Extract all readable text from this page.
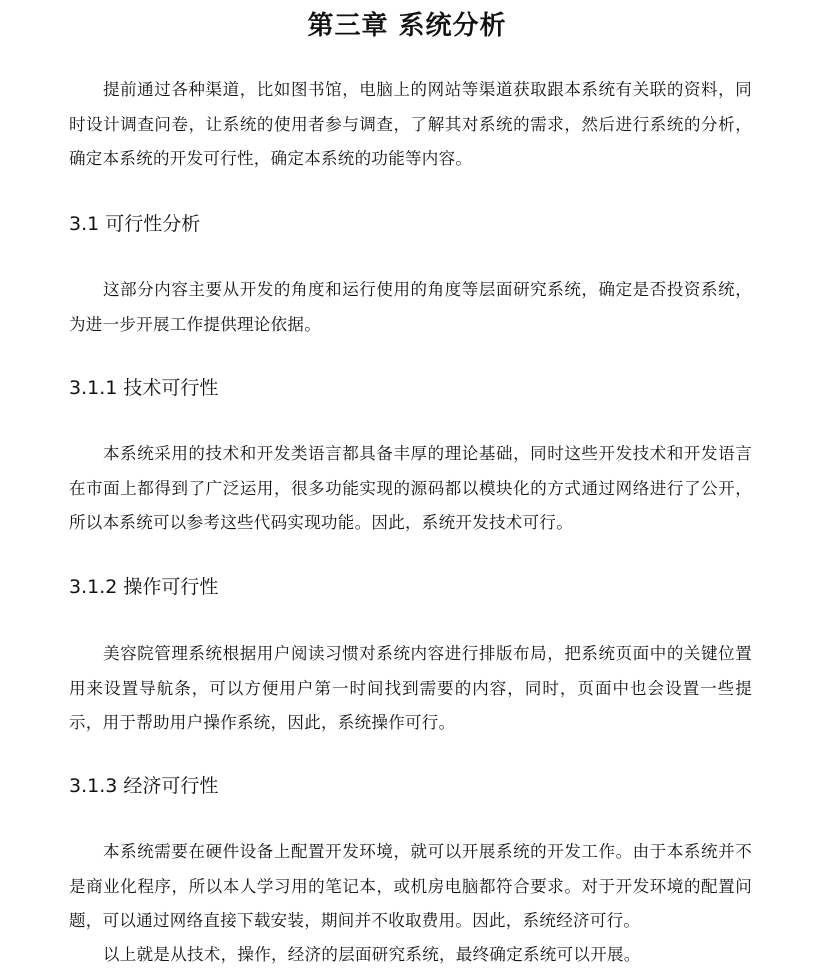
第三章 系统分析

提前通过各种渠道，比如图书馆，电脑上的网站等渠道获取跟本系统有关联的资料，同时设计调查问卷，让系统的使用者参与调查，了解其对系统的需求，然后进行系统的分析，确定本系统的开发可行性，确定本系统的功能等内容。

3.1 可行性分析

这部分内容主要从开发的角度和运行使用的角度等层面研究系统，确定是否投资系统，为进一步开展工作提供理论依据。

3.1.1 技术可行性

本系统采用的技术和开发类语言都具备丰厚的理论基础，同时这些开发技术和开发语言在市面上都得到了广泛运用，很多功能实现的源码都以模块化的方式通过网络进行了公开，所以本系统可以参考这些代码实现功能。因此，系统开发技术可行。

3.1.2 操作可行性

美容院管理系统根据用户阅读习惯对系统内容进行排版布局，把系统页面中的关键位置用来设置导航条，可以方便用户第一时间找到需要的内容，同时，页面中也会设置一些提示，用于帮助用户操作系统，因此，系统操作可行。

3.1.3 经济可行性

本系统需要在硬件设备上配置开发环境，就可以开展系统的开发工作。由于本系统并不是商业化程序，所以本人学习用的笔记本，或机房电脑都符合要求。对于开发环境的配置问题，可以通过网络直接下载安装，期间并不收取费用。因此，系统经济可行。

以上就是从技术，操作，经济的层面研究系统，最终确定系统可以开展。
